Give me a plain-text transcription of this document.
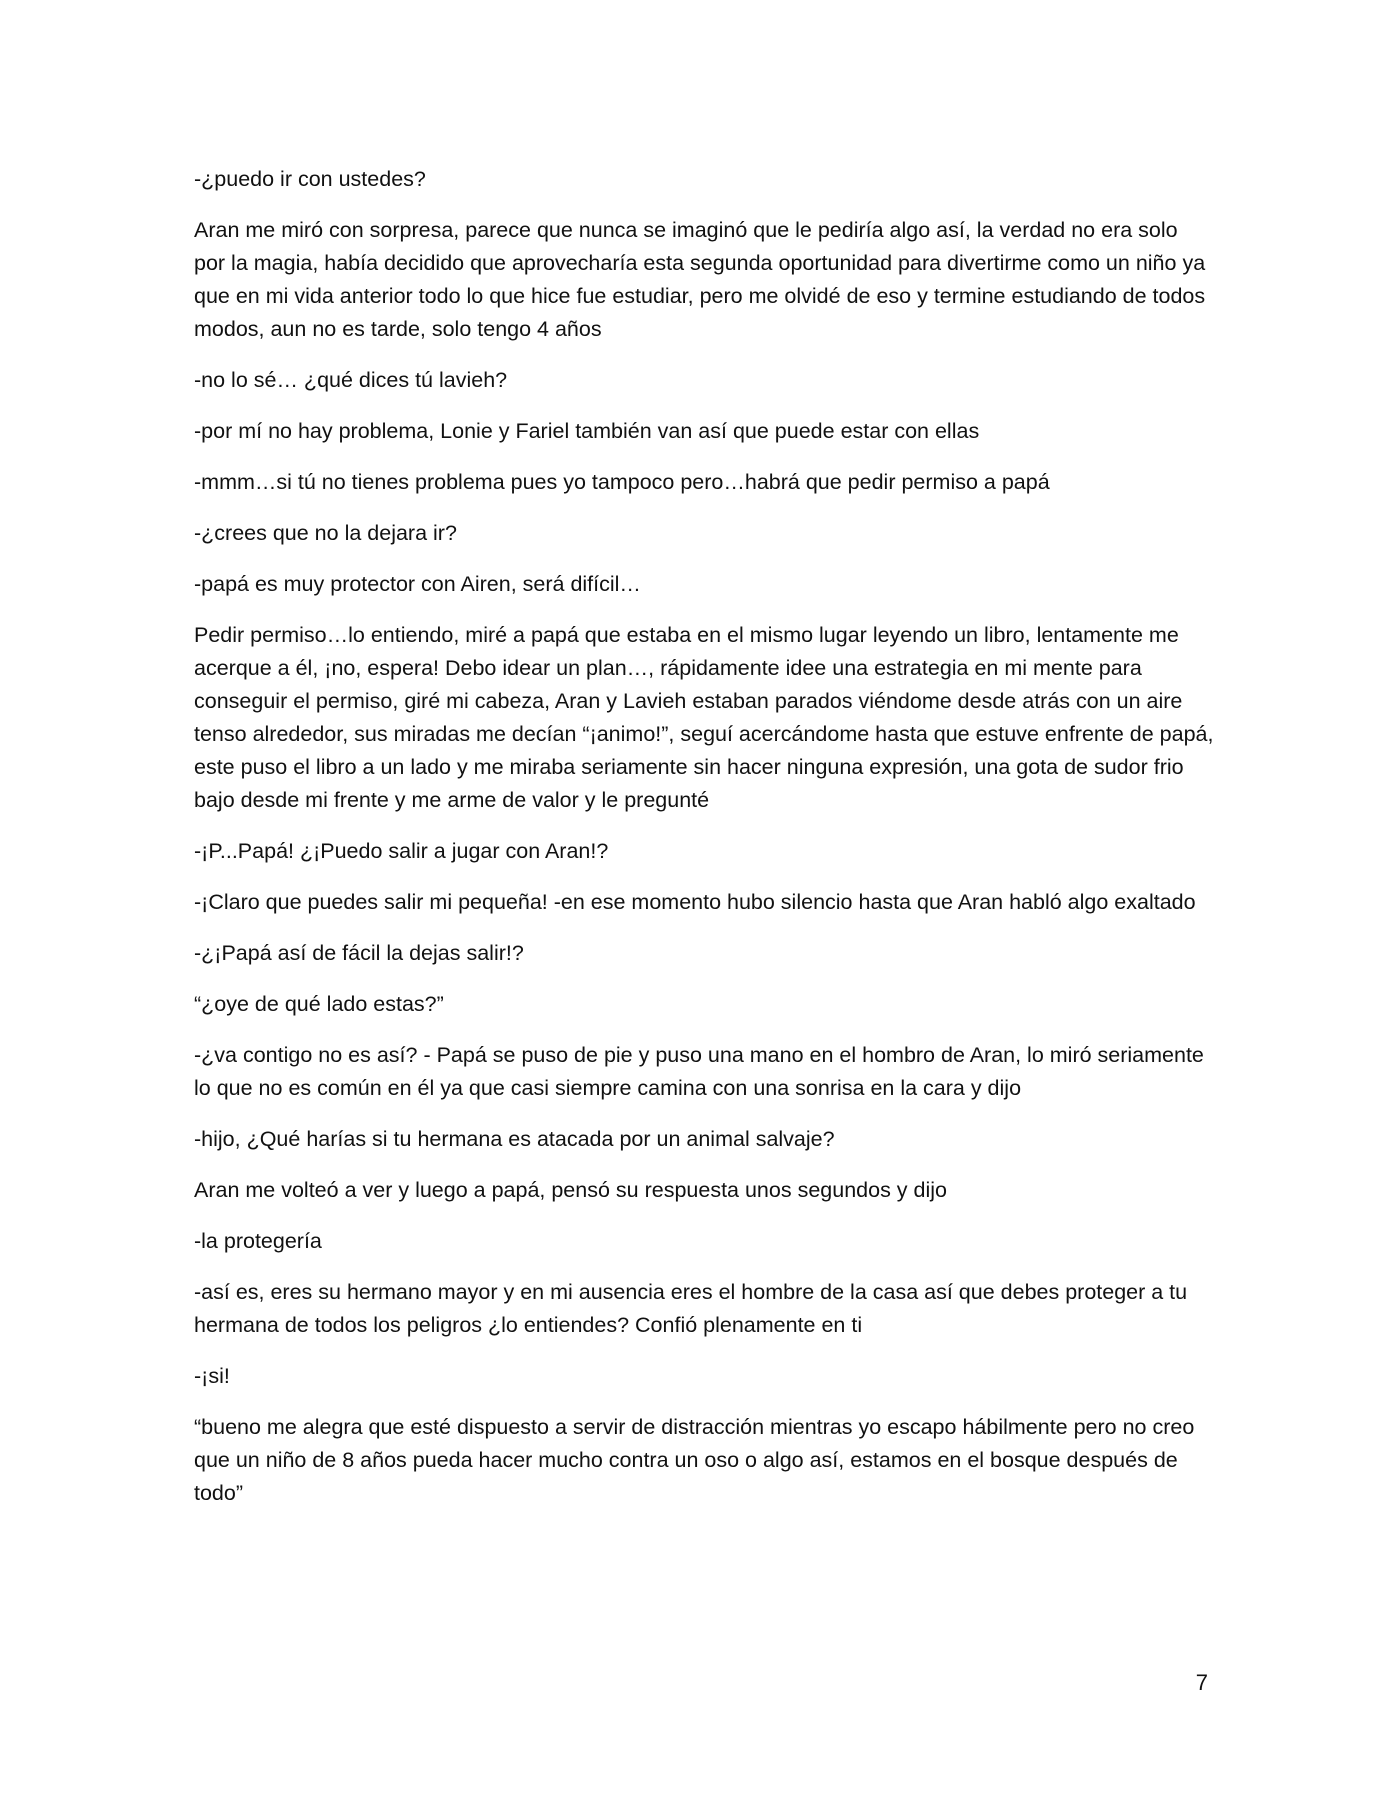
-¿puedo ir con ustedes?

Aran me miró con sorpresa, parece que nunca se imaginó que le pediría algo así, la verdad no era solo por la magia, había decidido que aprovecharía esta segunda oportunidad para divertirme como un niño ya que en mi vida anterior todo lo que hice fue estudiar, pero me olvidé de eso y termine estudiando de todos modos, aun no es tarde, solo tengo 4 años

-no lo sé… ¿qué dices tú lavieh?

-por mí no hay problema, Lonie y Fariel también van así que puede estar con ellas

-mmm…si tú no tienes problema pues yo tampoco pero…habrá que pedir permiso a papá

-¿crees que no la dejara ir?

-papá es muy protector con Airen, será difícil…

Pedir permiso…lo entiendo, miré a papá que estaba en el mismo lugar leyendo un libro, lentamente me acerque a él, ¡no, espera! Debo idear un plan…, rápidamente idee una estrategia en mi mente para conseguir el permiso, giré mi cabeza, Aran y Lavieh estaban parados viéndome desde atrás con un aire tenso alrededor, sus miradas me decían “¡animo!”, seguí acercándome hasta que estuve enfrente de papá, este puso el libro a un lado y me miraba seriamente sin hacer ninguna expresión, una gota de sudor frio bajo desde mi frente y me arme de valor y le pregunté

-¡P...Papá! ¿¡Puedo salir a jugar con Aran!?

-¡Claro que puedes salir mi pequeña! -en ese momento hubo silencio hasta que Aran habló algo exaltado

-¿¡Papá así de fácil la dejas salir!?

“¿oye de qué lado estas?”

-¿va contigo no es así? - Papá se puso de pie y puso una mano en el hombro de Aran, lo miró seriamente lo que no es común en él ya que casi siempre camina con una sonrisa en la cara y dijo

-hijo, ¿Qué harías si tu hermana es atacada por un animal salvaje?

Aran me volteó a ver y luego a papá, pensó su respuesta unos segundos y dijo

-la protegería

-así es, eres su hermano mayor y en mi ausencia eres el hombre de la casa así que debes proteger a tu hermana de todos los peligros ¿lo entiendes? Confió plenamente en ti

-¡si!

“bueno me alegra que esté dispuesto a servir de distracción mientras yo escapo hábilmente pero no creo que un niño de 8 años pueda hacer mucho contra un oso o algo así, estamos en el bosque después de todo”

7
